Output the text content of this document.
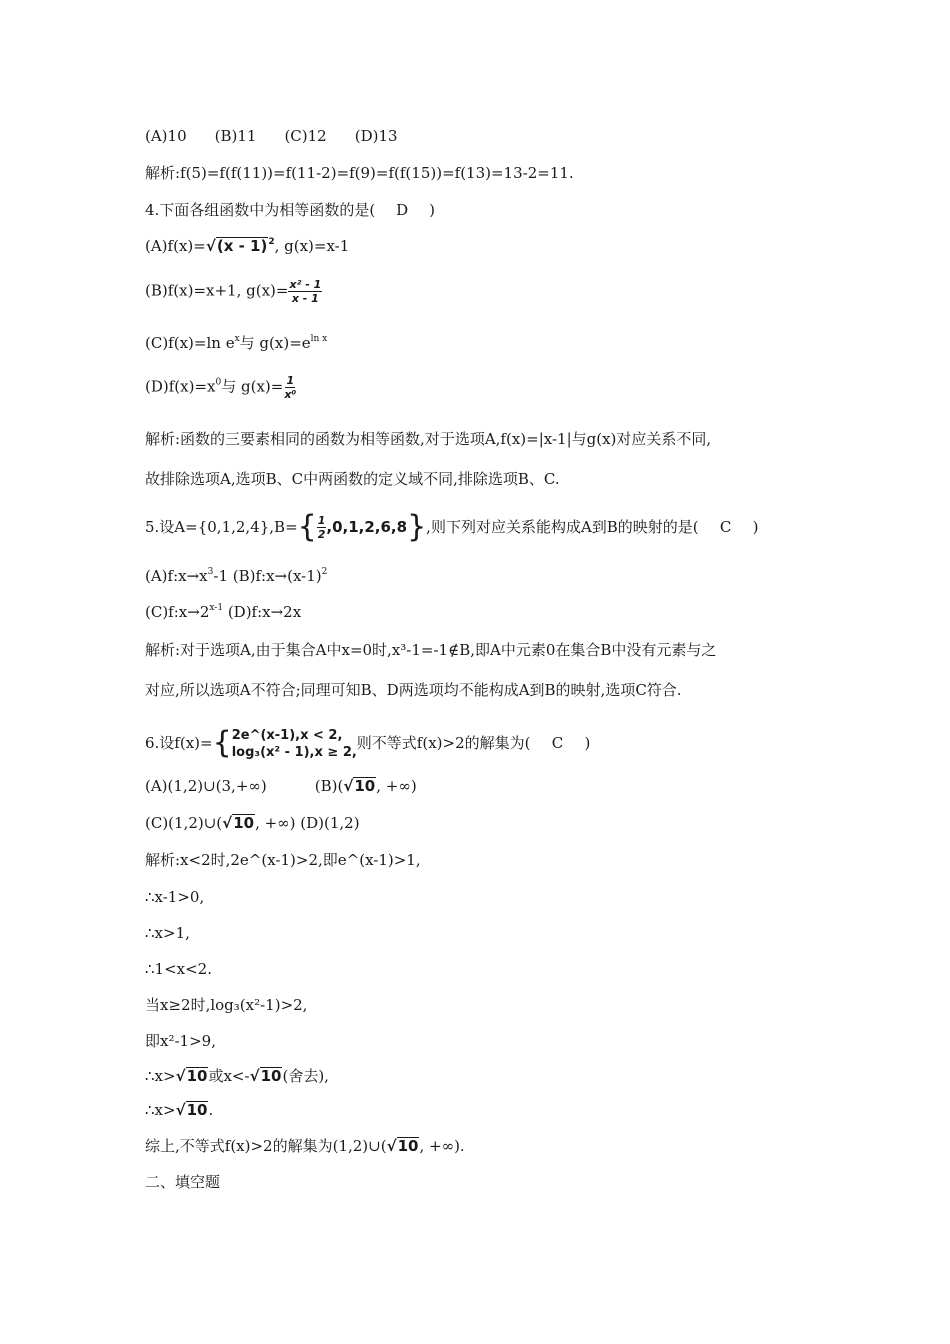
(A)10 (B)11 (C)12 (D)13
解析:f(5)=f(f(11))=f(11-2)=f(9)=f(f(15))=f(13)=13-2=11.
4.下面各组函数中为相等函数的是( D )
(A)f(x)=√(x - 1)$^2$, g(x)=x-1
(B)f(x)=x+1, $g(x)= \frac{\text{x² - 1}}{x - 1}$
(C)f(x)=ln $e^x$与 $g(x)=e^{ln x}$
$(D)f(x)=x^0$与 $g(x)= \frac{1}{\text{x⁰}}$
解析:函数的三要素相同的函数为相等函数,对于选项A,f(x)=|x-1|与g(x)对应关系不同,
故排除选项A,选项B、C中两函数的定义域不同,排除选项B、C.
5.设$A=\{0,1,2,4\},B=\{ \frac{1}{2} ,0,1,2,6,8\}$,则下列对应关系能构成A到B的映射的是( C )
$(A)f:x\to x^3-1$ $(B)f:x\to(x-1)^2$
$(C)f:x\to 2^{x-1}$ (D)f:x→2x
解析:对于选项A,由于集合A中x=0时,x³-1=-1∉B,即A中元素0在集合B中没有元素与之
对应,所以选项A不符合;同理可知B、D两选项均不能构成A到B的映射,选项C符合.
6.设f(x)={ 2e^(x-1),x < 2,
log₃(x² - 1),x ≥ 2,
则不等式f(x)>2的解集为( C )
(A)(1,2)∪(3,+∞)	(B)(√10, +∞)
(C)(1,2)∪(√10, +∞) (D)(1,2)
解析:x<2时,2e^(x-1)>2,即e^(x-1)>1,
∴x-1>0,
∴x>1,
∴1<x<2.
当x≥2时,log₃(x²-1)>2,
即x²-1>9,
∴x>√10或x<-√10(舍去),
∴x>√10.
综上,不等式f(x)>2的解集为(1,2)∪(√10, +∞).
二、填空题
